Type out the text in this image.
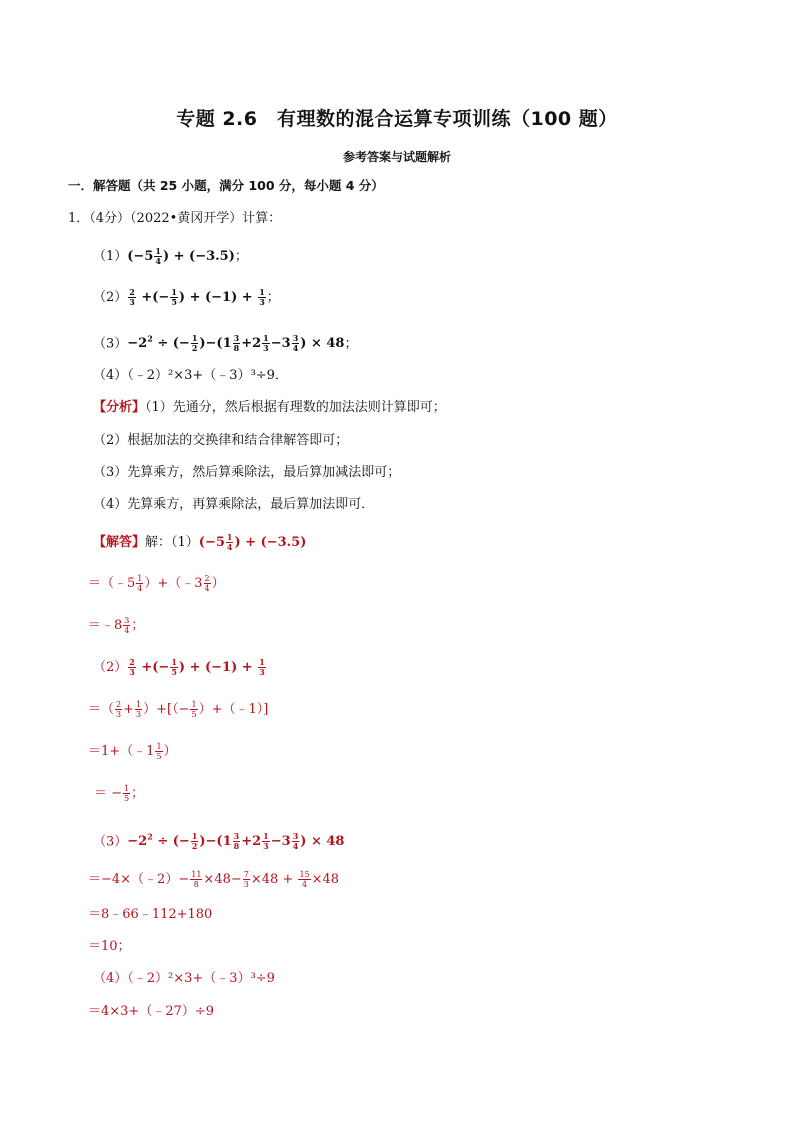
专题 2.6　有理数的混合运算专项训练（100 题）
参考答案与试题解析
一．解答题（共 25 小题，满分 100 分，每小题 4 分）
1．（4分）（2022•黄冈开学）计算：
$(1)(-5 \frac{1}{4}$ ) + (−3.5)；
$(2) \frac{2}{3}$ +(− $\frac{1}{5}$ ) + $(-1) + \frac{1}{3}$ ；
$(3)-2^2$ ÷ (− $\frac{1}{2} )-(1 \frac{3}{8} +2 \frac{1}{3} -3 \frac{3}{4}$ ) × 48；
（4）（﹣2）²×3+（﹣3）³÷9．
【分析】（1）先通分，然后根据有理数的加法法则计算即可；
（2）根据加法的交换律和结合律解答即可；
（3）先算乘方，然后算乘除法，最后算加减法即可；
（4）先算乘方，再算乘除法，最后算加法即可．
【解答】解：$(1)(-5 \frac{1}{4}$ ) + (−3.5)
＝（﹣5 $\frac{1}{4}$ ）+（﹣3 $\frac{2}{4}$ ）
＝﹣8 $\frac{3}{4}$ ；
$(2) \frac{2}{3}$ +(− $\frac{1}{5}$ ) + $(-1) + \frac{1}{3}$
＝（ $\frac{2}{3} + \frac{1}{3}$ ）+[（− $\frac{1}{5}$ ）+（﹣1）]
＝1+（﹣1 $\frac{1}{5}$ ）
＝ − $\frac{1}{5}$ ；
$(3)-2^2$ ÷ (− $\frac{1}{2} )-(1 \frac{3}{8} +2 \frac{1}{3} -3 \frac{3}{4}$ ) × 48
＝−4×（﹣2）− $\frac{11}{8} \times 48- \frac{7}{3} \times 48 + \frac{15}{4} \times 48$
＝8﹣66﹣112+180
＝10；
（4）（﹣2）²×3+（﹣3）³÷9
＝4×3+（﹣27）÷9
